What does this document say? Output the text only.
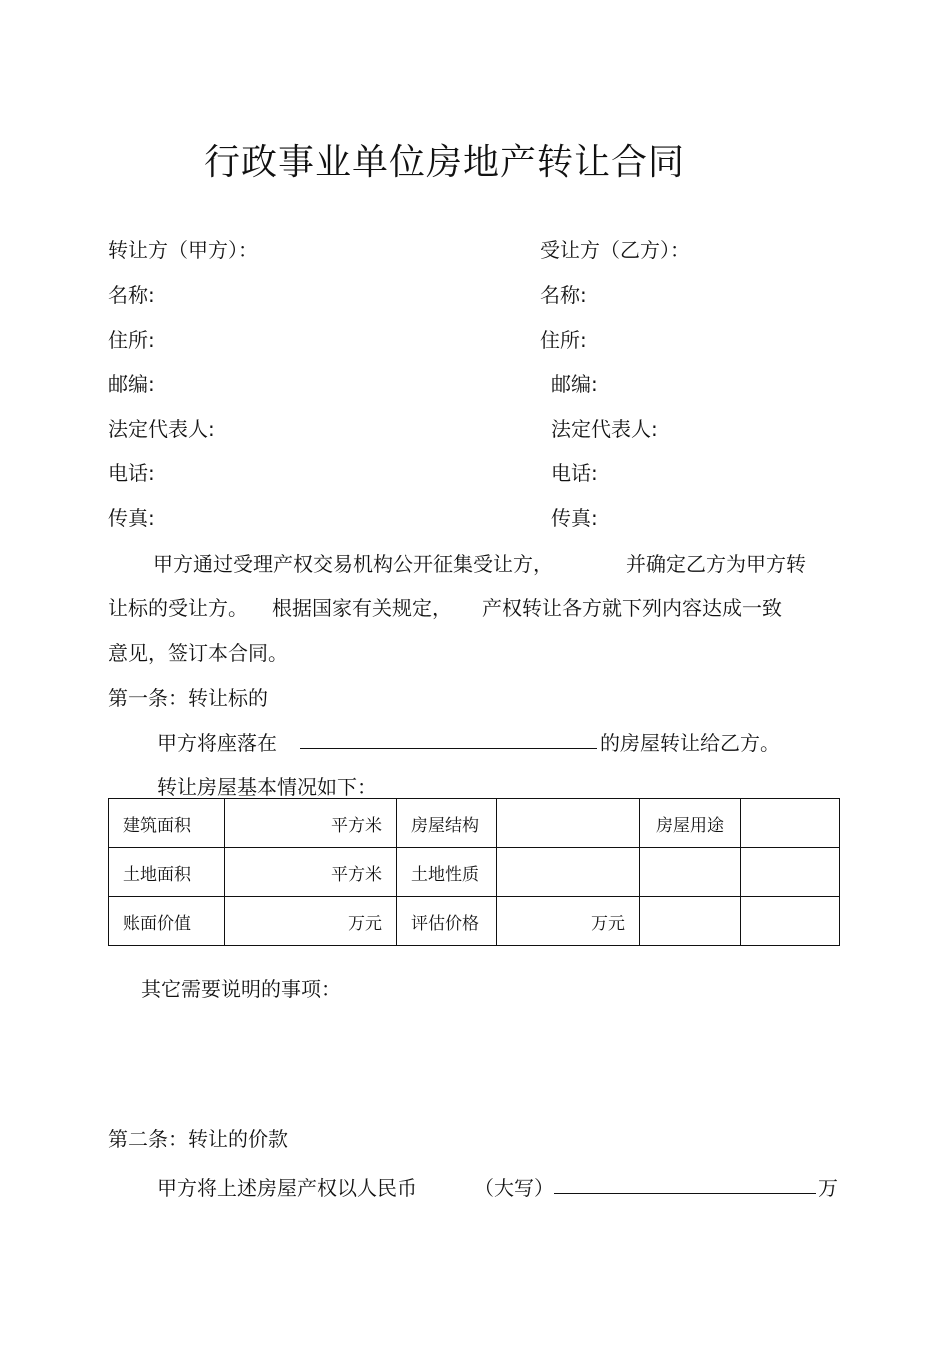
行政事业单位房地产转让合同
转让方（甲方）：
名称:
住所:
邮编:
法定代表人:
电话:
传真:
受让方（乙方）：
名称:
住所:
邮编:
法定代表人:
电话:
传真:
甲方通过受理产权交易机构公开征集受让方，	并确定乙方为甲方转
让标的受让方。 根据国家有关规定， 产权转让各方就下列内容达成一致
意见，签订本合同。
第一条：转让标的
甲方将座落在	的房屋转让给乙方。
转让房屋基本情况如下：
建筑面积	平方米	房屋结构		房屋用途	
土地面积	平方米	土地性质			
账面价值	万元	评估价格	万元		
其它需要说明的事项：
第二条：转让的价款
甲方将上述房屋产权以人民币	（大写）	万
